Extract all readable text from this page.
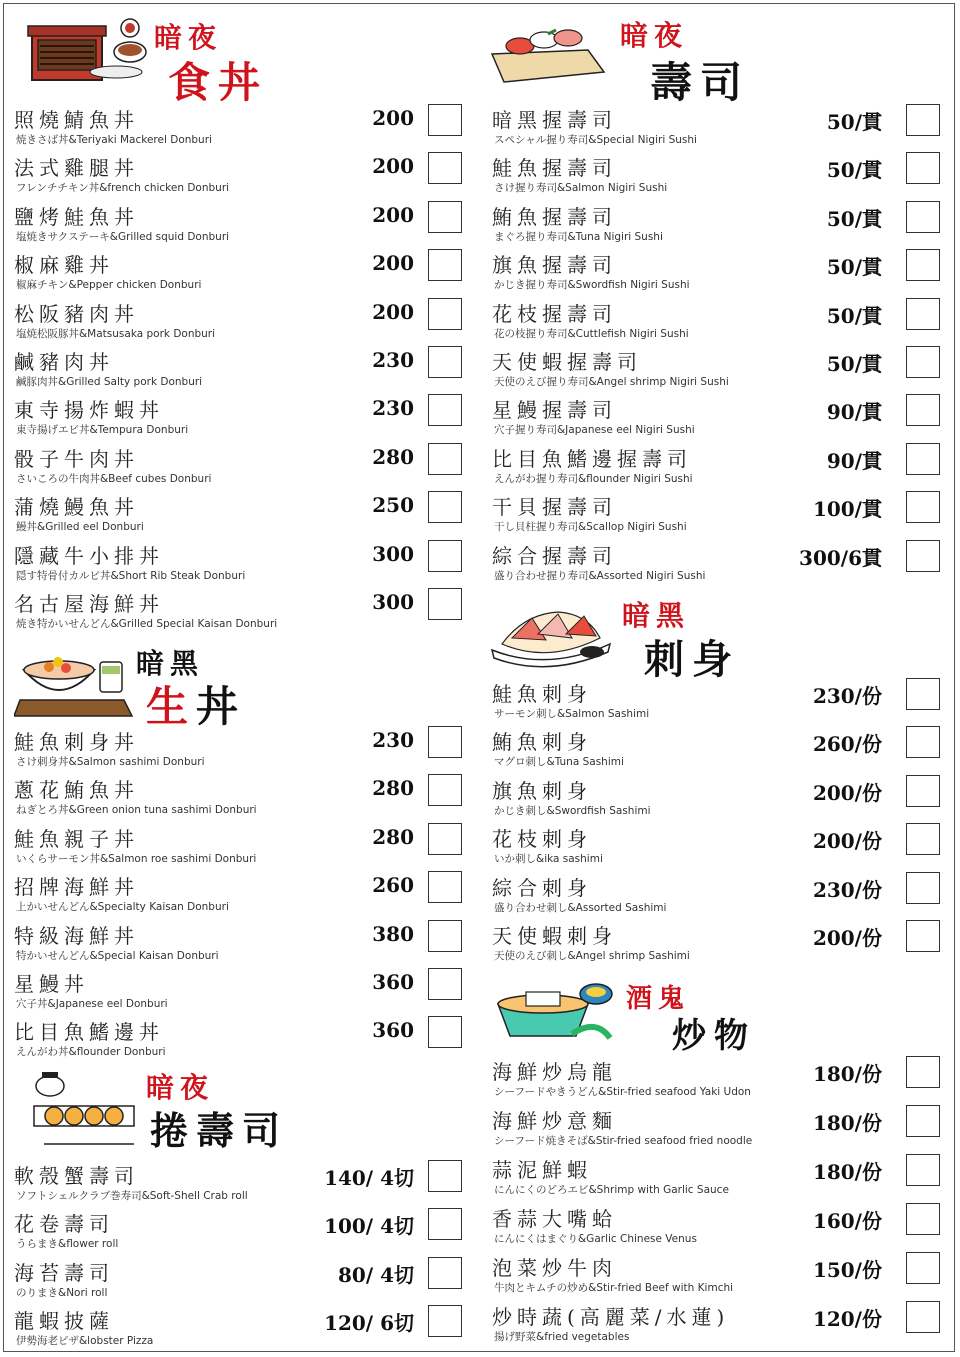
暗夜
食丼
照燒鯖魚丼
焼きさば丼&Teriyaki Mackerel Donburi
200
法式雞腿丼
フレンチチキン丼&french chicken Donburi
200
鹽烤鮭魚丼
塩焼きサクステーキ&Grilled squid Donburi
200
椒麻雞丼
椒麻チキン&Pepper chicken Donburi
200
松阪豬肉丼
塩焼松阪豚丼&Matsusaka pork Donburi
200
鹹豬肉丼
鹹豚肉丼&Grilled Salty pork Donburi
230
東寺揚炸蝦丼
東寺揚げエビ丼&Tempura Donburi
230
骰子牛肉丼
さいころの牛肉丼&Beef cubes Donburi
280
蒲燒鰻魚丼
鰻丼&Grilled eel Donburi
250
隱藏牛小排丼
隠す特骨付カルビ丼&Short Rib Steak Donburi
300
名古屋海鮮丼
焼き特かいせんどん&Grilled Special Kaisan Donburi
300
暗黑
生丼
鮭魚刺身丼
さけ刺身丼&Salmon sashimi Donburi
230
蔥花鮪魚丼
ねぎとろ丼&Green onion tuna sashimi Donburi
280
鮭魚親子丼
いくらサーモン丼&Salmon roe sashimi Donburi
280
招牌海鮮丼
上かいせんどん&Specialty Kaisan Donburi
260
特級海鮮丼
特かいせんどん&Special Kaisan Donburi
380
星鰻丼
穴子丼&Japanese eel Donburi
360
比目魚鰭邊丼
えんがわ丼&flounder Donburi
360
暗夜
捲壽司
軟殼蟹壽司
ソフトシェルクラブ巻寿司&Soft-Shell Crab roll
140/ 4切
花卷壽司
うらまき&flower roll
100/ 4切
海苔壽司
のりまき&Nori roll
80/ 4切
龍蝦披薩
伊勢海老ピザ&lobster Pizza
120/ 6切
暗夜
壽司
暗黑握壽司
スペシャル握り寿司&Special Nigiri Sushi
50/貫
鮭魚握壽司
さけ握り寿司&Salmon Nigiri Sushi
50/貫
鮪魚握壽司
まぐろ握り寿司&Tuna Nigiri Sushi
50/貫
旗魚握壽司
かじき握り寿司&Swordfish Nigiri Sushi
50/貫
花枝握壽司
花の枝握り寿司&Cuttlefish Nigiri Sushi
50/貫
天使蝦握壽司
天使のえび握り寿司&Angel shrimp Nigiri Sushi
50/貫
星鰻握壽司
穴子握り寿司&Japanese eel Nigiri Sushi
90/貫
比目魚鰭邊握壽司
えんがわ握り寿司&flounder Nigiri Sushi
90/貫
干貝握壽司
干し貝柱握り寿司&Scallop Nigiri Sushi
100/貫
綜合握壽司
盛り合わせ握り寿司&Assorted Nigiri Sushi
300/6貫
暗黑
刺身
鮭魚刺身
サーモン刺し&Salmon Sashimi
230/份
鮪魚刺身
マグロ刺し&Tuna Sashimi
260/份
旗魚刺身
かじき刺し&Swordfish Sashimi
200/份
花枝刺身
いか刺し&ika sashimi
200/份
綜合刺身
盛り合わせ刺し&Assorted Sashimi
230/份
天使蝦刺身
天使のえび刺し&Angel shrimp Sashimi
200/份
酒鬼
炒物
海鮮炒烏龍
シーフードやきうどん&Stir-fried seafood Yaki Udon
180/份
海鮮炒意麵
シーフード焼きそば&Stir-fried seafood fried noodle
180/份
蒜泥鮮蝦
にんにくのどろエビ&Shrimp with Garlic Sauce
180/份
香蒜大嘴蛤
にんにくはまぐり&Garlic Chinese Venus
160/份
泡菜炒牛肉
牛肉とキムチの炒め&Stir-fried Beef with Kimchi
150/份
炒時蔬(高麗菜/水蓮)
揚げ野菜&fried vegetables
120/份
